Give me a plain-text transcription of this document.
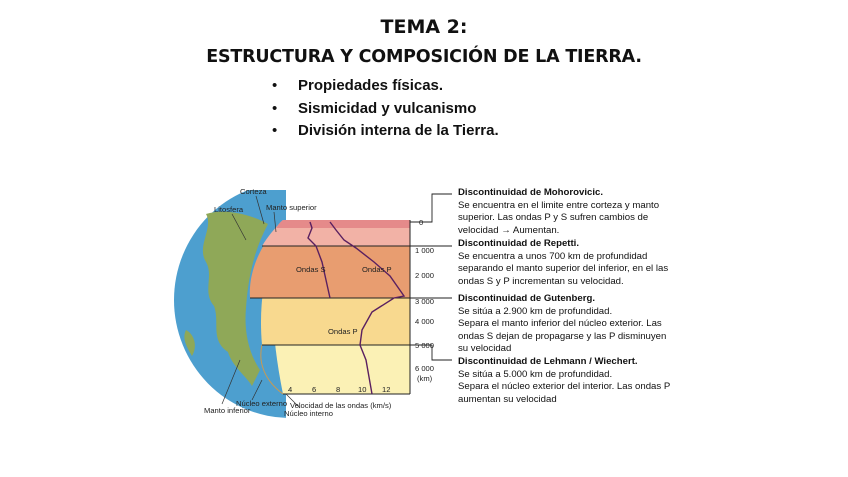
TEMA 2:
ESTRUCTURA Y COMPOSICIÓN DE LA TIERRA.
• Propiedades físicas.
• Sismicidad y vulcanismo
• División interna de la Tierra.
Corteza
Litosfera	Manto superior
Manto inferior
Núcleo externo
Núcleo interno
Velocidad de las ondas (km/s)
Ondas S	Ondas P
Ondas P
0
1 000
2 000
3 000
4 000
5 000
6 000
(km)
4	6	8 10 12
Discontinuidad de Mohorovicic.
Se encuentra en el limite entre corteza y manto
superior. Las ondas P y S sufren cambios de
velocidad → Aumentan.
Discontinuidad de Repetti.
Se encuentra a unos 700 km de profundidad
separando el manto superior del inferior, en el las
ondas S y P incrementan su velocidad.
Discontinuidad de Gutenberg.
Se sitúa a 2.900 km de profundidad.
Separa el manto inferior del núcleo exterior. Las
ondas S dejan de propagarse y las P disminuyen
su velocidad
Discontinuidad de Lehmann / Wiechert.
Se sitúa a 5.000 km de profundidad.
Separa el núcleo exterior del interior. Las ondas P
aumentan su velocidad
